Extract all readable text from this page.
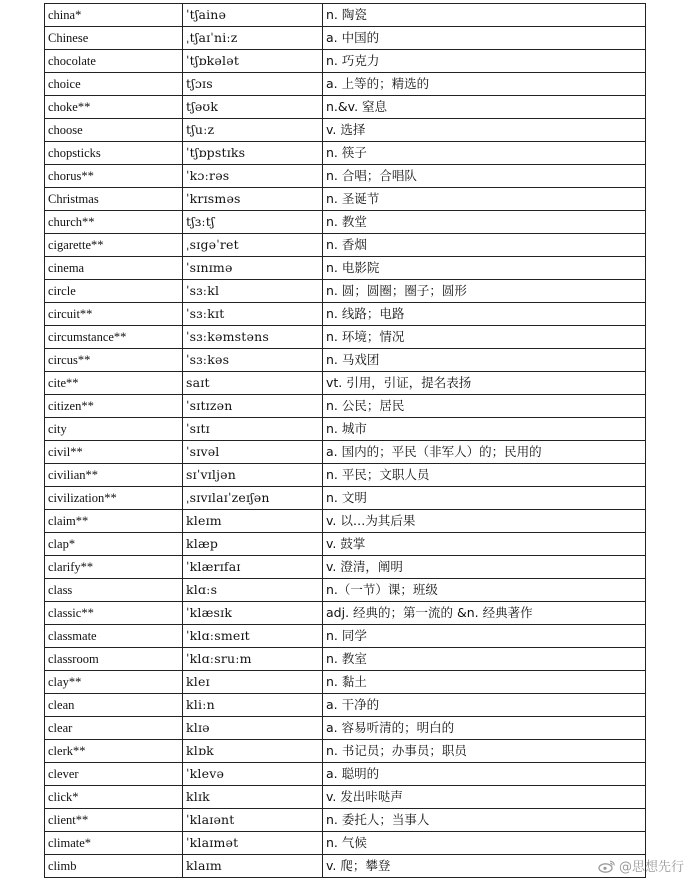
china*	ˈtʃainə	n. 陶瓷
Chinese	ˌtʃaɪˈniːz	a. 中国的
chocolate	ˈtʃɒkələt	n. 巧克力
choice	tʃɔɪs	a. 上等的；精选的
choke**	tʃəʊk	n.&v. 窒息
choose	tʃuːz	v. 选择
chopsticks	ˈtʃɒpstɪks	n. 筷子
chorus**	ˈkɔːrəs	n. 合唱；合唱队
Christmas	ˈkrɪsməs	n. 圣诞节
church**	tʃɜːtʃ	n. 教堂
cigarette**	ˌsɪgəˈret	n. 香烟
cinema	ˈsɪnɪmə	n. 电影院
circle	ˈsɜːkl	n. 圆；圆圈；圈子；圆形
circuit**	ˈsɜːkɪt	n. 线路；电路
circumstance**	ˈsɜːkəmstəns	n. 环境；情况
circus**	ˈsɜːkəs	n. 马戏团
cite**	saɪt	vt. 引用，引证，提名表扬
citizen**	ˈsɪtɪzən	n. 公民；居民
city	ˈsɪtɪ	n. 城市
civil**	ˈsɪvəl	a. 国内的；平民（非军人）的；民用的
civilian**	sɪˈvɪljən	n. 平民；文职人员
civilization**	ˌsɪvɪlaɪˈzeɪʃən	n. 文明
claim**	kleɪm	v. 以…为其后果
clap*	klæp	v. 鼓掌
clarify**	ˈklærɪfaɪ	v. 澄清，阐明
class	klɑːs	n.（一节）课；班级
classic**	ˈklæsɪk	adj. 经典的；第一流的 &n. 经典著作
classmate	ˈklɑːsmeɪt	n. 同学
classroom	ˈklɑːsruːm	n. 教室
clay**	kleɪ	n. 黏土
clean	kliːn	a. 干净的
clear	klɪə	a. 容易听清的；明白的
clerk**	klɒk	n. 书记员；办事员；职员
clever	ˈklevə	a. 聪明的
click*	klɪk	v. 发出咔哒声
client**	ˈklaɪənt	n. 委托人；当事人
climate*	ˈklaɪmət	n. 气候
climb	klaɪm	v. 爬；攀登	@思想先行
